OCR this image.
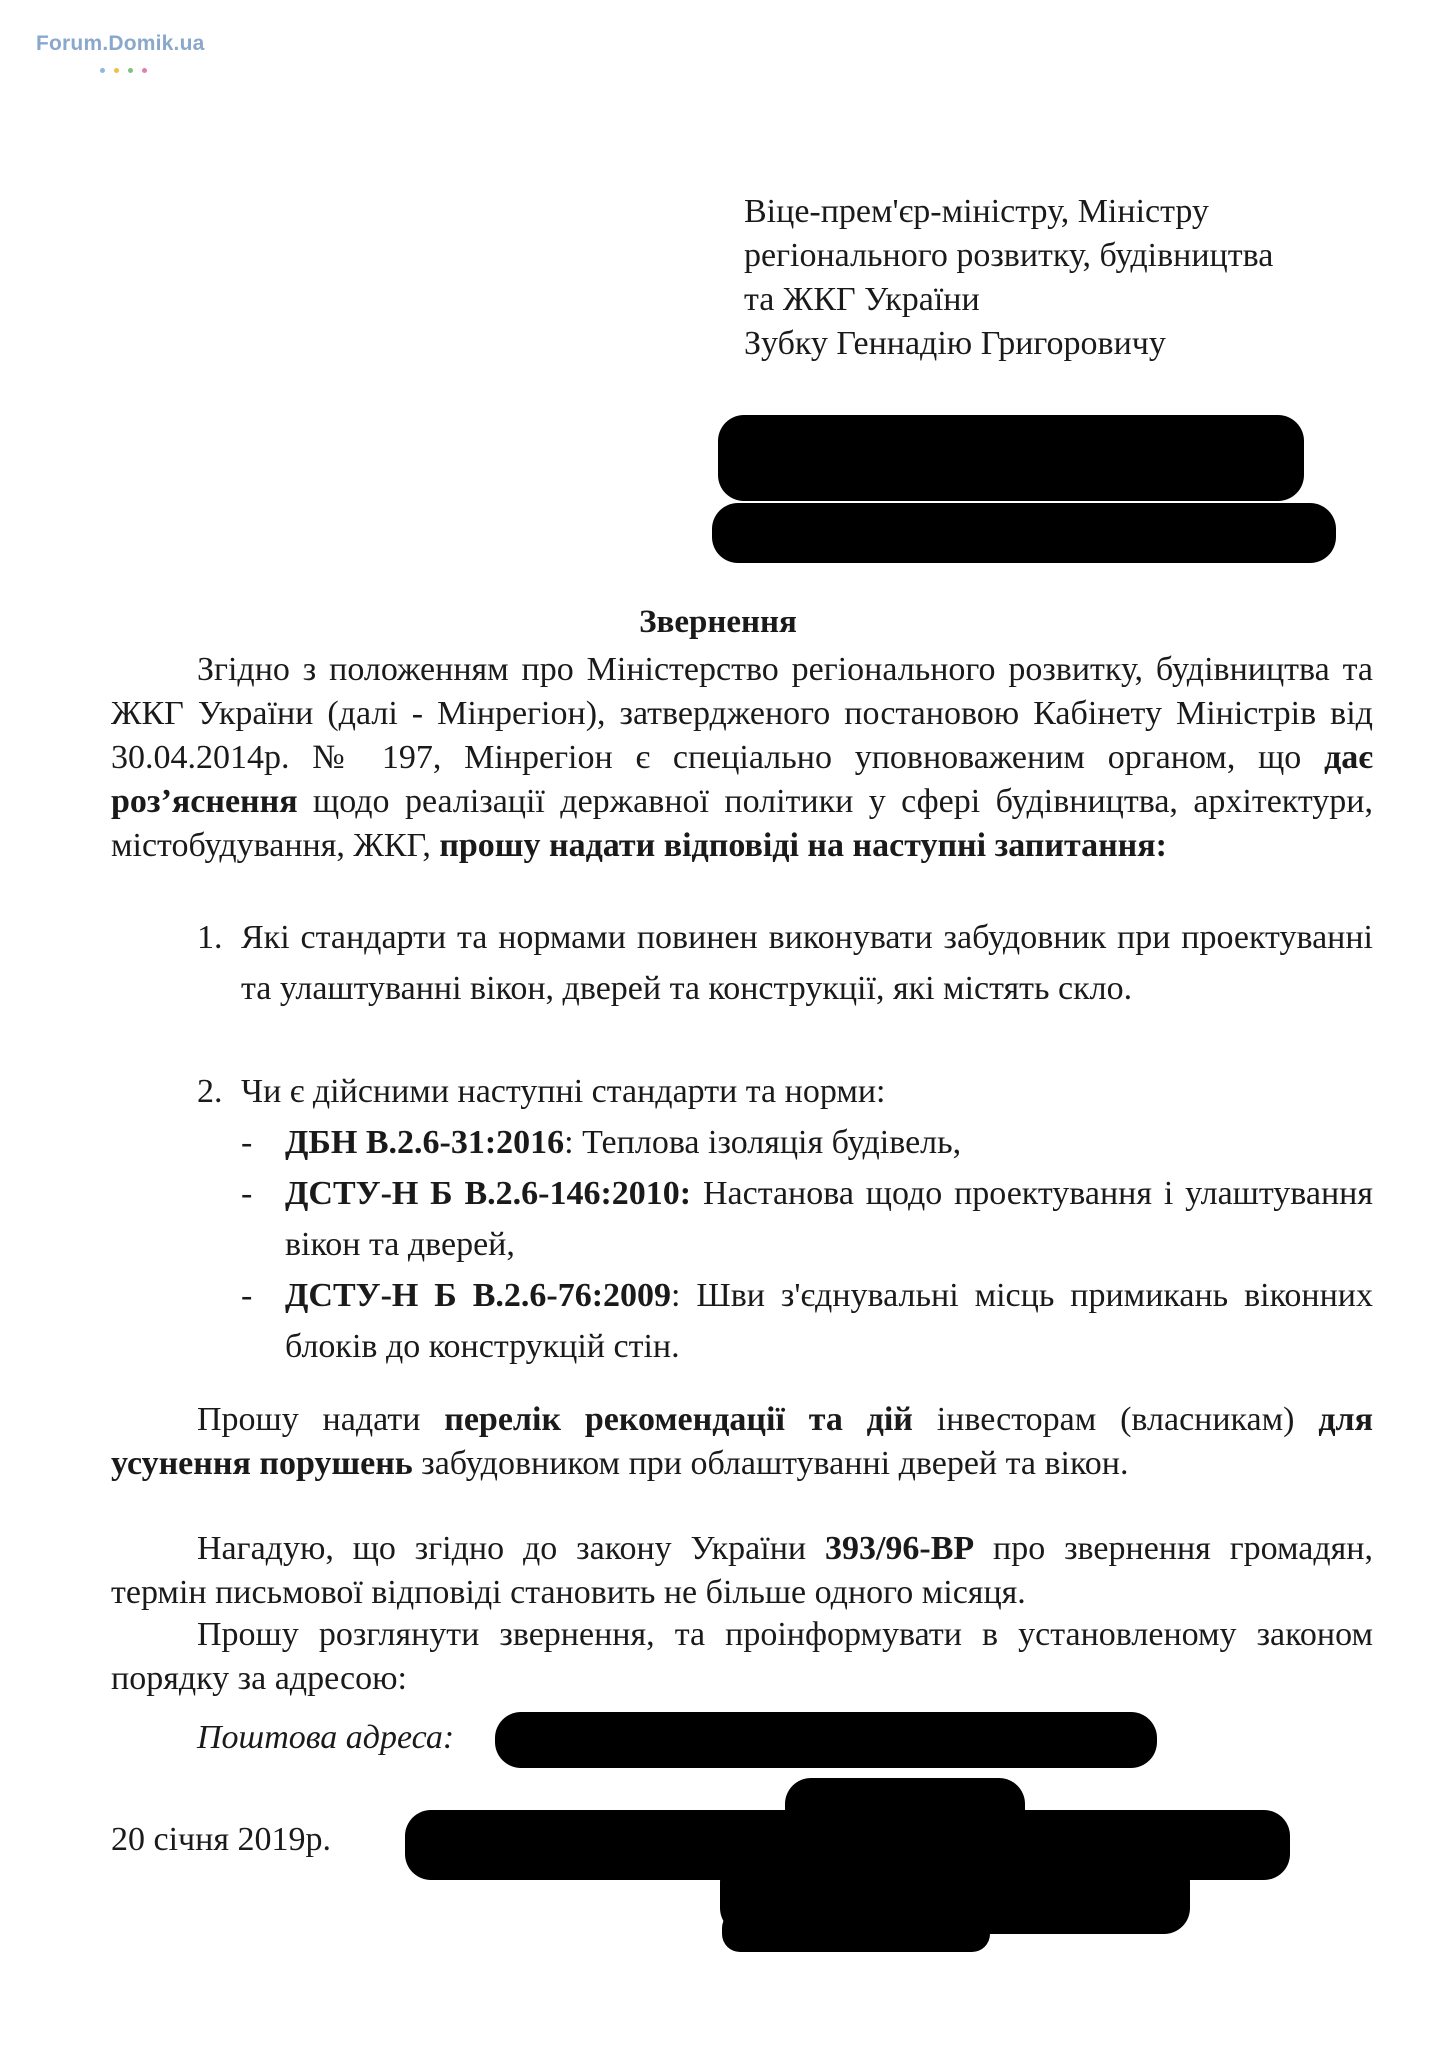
Forum.Domik.ua
Віце-прем'єр-міністру, Міністру
регіонального розвитку, будівництва
та ЖКГ України
Зубку Геннадію Григоровичу
Звернення
Згідно з положенням про Міністерство регіонального розвитку, будівництва та ЖКГ України (далі - Мінрегіон), затвердженого постановою Кабінету Міністрів від 30.04.2014р. № 197, Мінрегіон є спеціально уповноваженим органом, що дає роз’яснення щодо реалізації державної політики у сфері будівництва, архітектури, містобудування, ЖКГ, прошу надати відповіді на наступні запитання:
1. Які стандарти та нормами повинен виконувати забудовник при проектуванні та улаштуванні вікон, дверей та конструкції, які містять скло.
2. Чи є дійсними наступні стандарти та норми:
- ДБН В.2.6-31:2016: Теплова ізоляція будівель,
- ДСТУ-Н Б В.2.6-146:2010: Настанова щодо проектування і улаштування вікон та дверей,
- ДСТУ-Н Б В.2.6-76:2009: Шви з'єднувальні місць примикань віконних блоків до конструкцій стін.
Прошу надати перелік рекомендації та дій інвесторам (власникам) для усунення порушень забудовником при облаштуванні дверей та вікон.
Нагадую, що згідно до закону України 393/96-ВР про звернення громадян, термін письмової відповіді становить не більше одного місяця.
Прошу розглянути звернення, та проінформувати в установленому законом порядку за адресою:
Поштова адреса:
20 січня 2019р.
